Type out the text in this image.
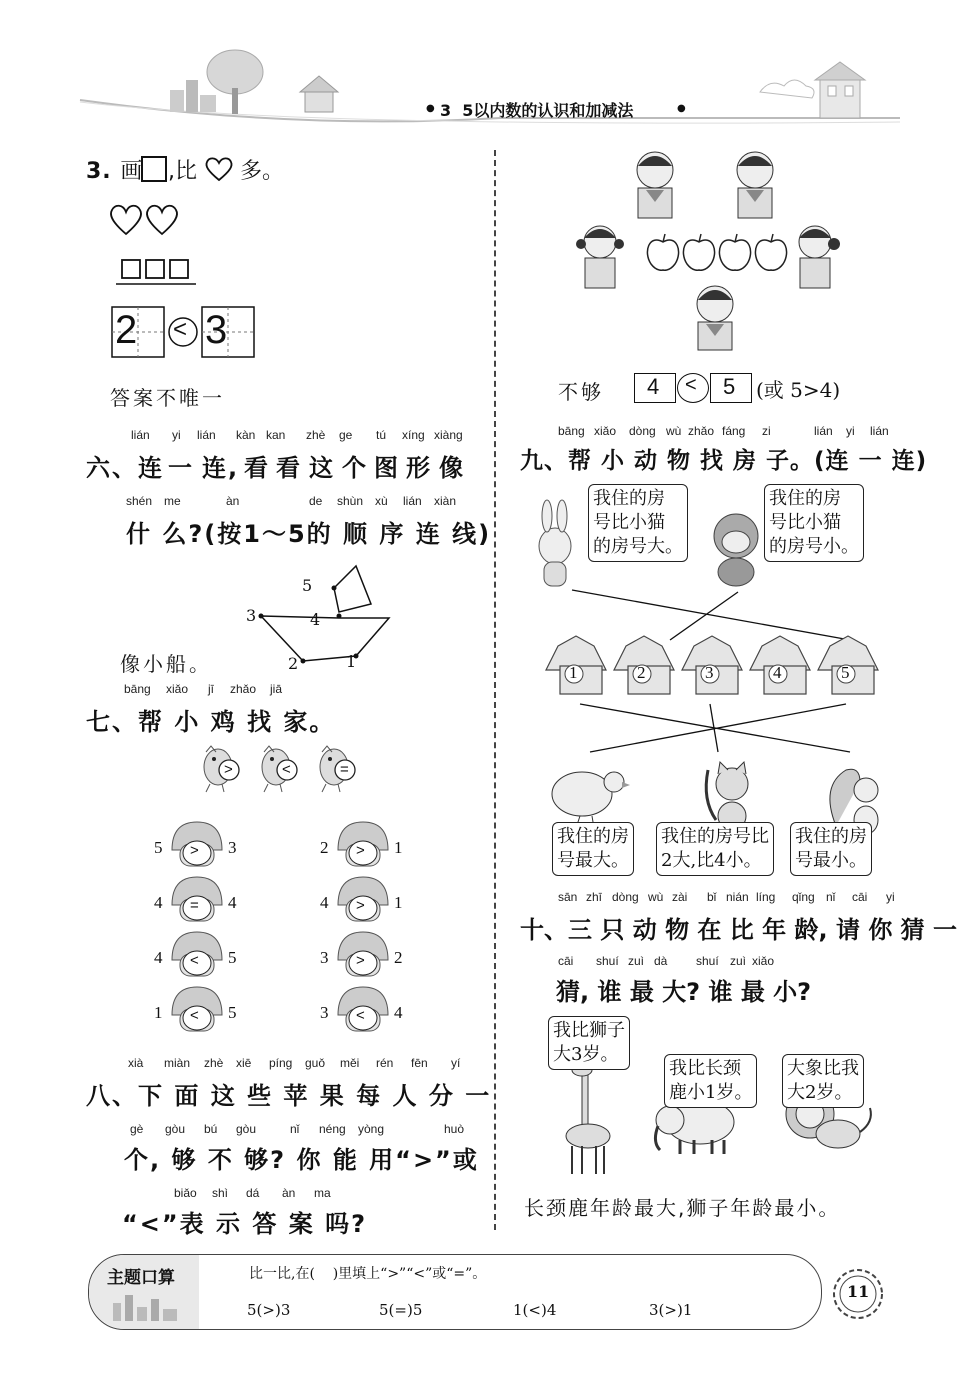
● 3  5以内数的认识和加减法	●
3. 画 ,比 多。
2 < 3
答案不唯一
lián yi lián kàn kan zhè ge tú xíng xiàng
六、连 一 连, 看 看 这 个 图 形 像
shén me	àn	de shùn xù lián xiàn
什 么?(按1～5的 顺 序 连 线)
5
4
3
2	1
像小船。
bāng xiǎo jī zhǎo jiā
七、帮 小 鸡 找 家。
>	<	=
5 > 3
4 = 4
4 < 5
1 < 5
2 > 1
4 > 1
3 > 2
3 < 4
xià miàn zhè xiē píng guǒ měi rén fēn yí
八、下 面 这 些 苹 果 每 人 分 一
gè gòu bú gòu	nǐ néng yòng	huò
个, 够 不 够? 你 能 用“>”或
biǎo shì dá àn ma
“<”表 示 答 案 吗?
不够 4 < 5 (或 5>4)
bāng xiǎo dòng wù zhǎo fáng zi	lián yi lián
九、帮 小 动 物 找 房 子。(连 一 连)
我住的房
号比小猫
的房号大。
我住的房
号比小猫
的房号小。
1	2	3	4	5
我住的房
号最大。
我住的房号比
2大,比4小。
我住的房
号最小。
sān zhī dòng wù zài bǐ nián líng qǐng nǐ cāi yi
十、三 只 动 物 在 比 年 龄, 请 你 猜 一
cāi shuí zuì dà shuí zuì xiǎo
猜, 谁 最 大? 谁 最 小?
我比狮子
大3岁。
我比长颈
鹿小1岁。
大象比我
大2岁。
长颈鹿年龄最大,狮子年龄最小。
主题口算	比一比,在(    )里填上“>”“<”或“=”。
5(>)3	5(=)5	1(<)4	3(>)1
11
